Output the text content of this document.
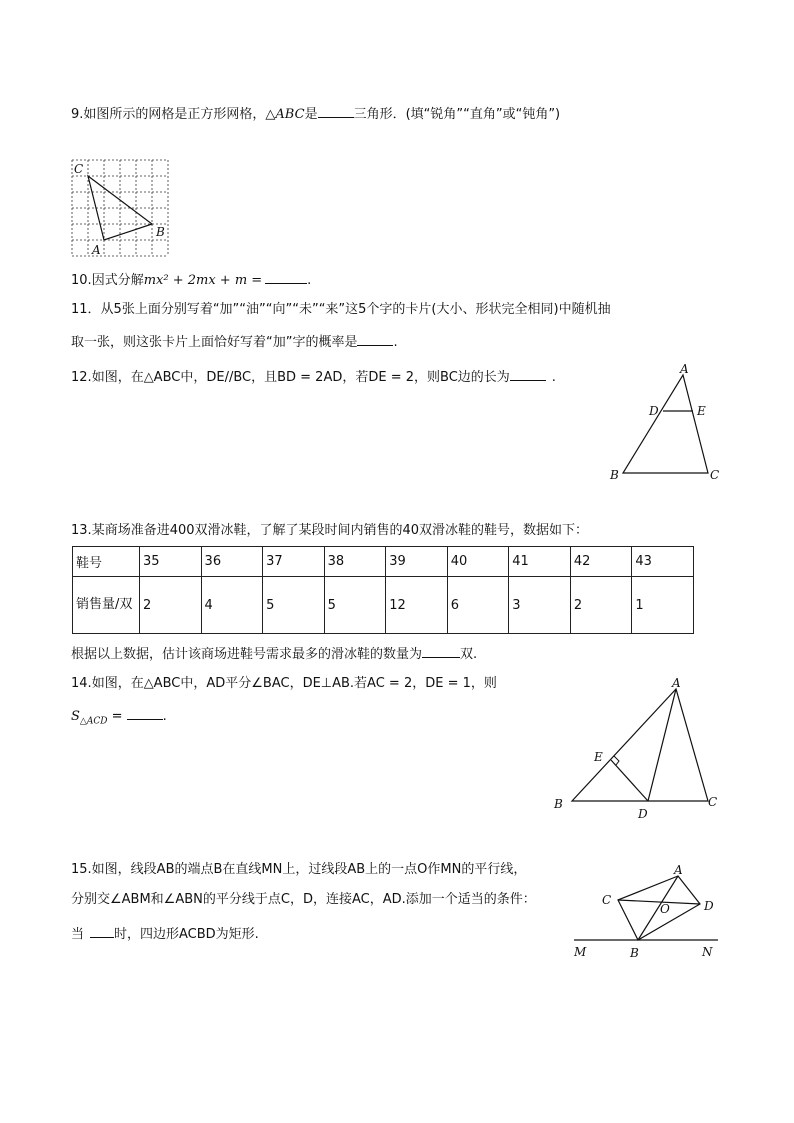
9.如图所示的网格是正方形网格，△ABC是	三角形．(填“锐角”“直角”或“钝角”)
C
A
B
10.因式分解mx² + 2mx + m =	.
11．从5张上面分别写着“加”“油”“向”“未”“来”这5个字的卡片(大小、形状完全相同)中随机抽
取一张，则这张卡片上面恰好写着“加”字的概率是	.
12.如图，在△ABC中，DE//BC，且BD = 2AD，若DE = 2，则BC边的长为	.
A
D	E
B	C
13.某商场准备进400双滑冰鞋，了解了某段时间内销售的40双滑冰鞋的鞋号，数据如下：
鞋号	35	36	37	38	39	40	41	42	43
销售量/双	2	4	5	5	12	6	3	2	1
根据以上数据，估计该商场进鞋号需求最多的滑冰鞋的数量为	双.
14.如图，在△ABC中，AD平分∠BAC，DE⊥AB.若AC = 2，DE = 1，则
$S_{\triangle ACD}$ =	.
A
E
B
D
C
15.如图，线段AB的端点B在直线MN上，过线段AB上的一点O作MN的平行线，
分别交∠ABM和∠ABN的平分线于点C，D，连接AC，AD.添加一个适当的条件：
当 时，四边形ACBD为矩形.
A
C
O	D
M	B	N
